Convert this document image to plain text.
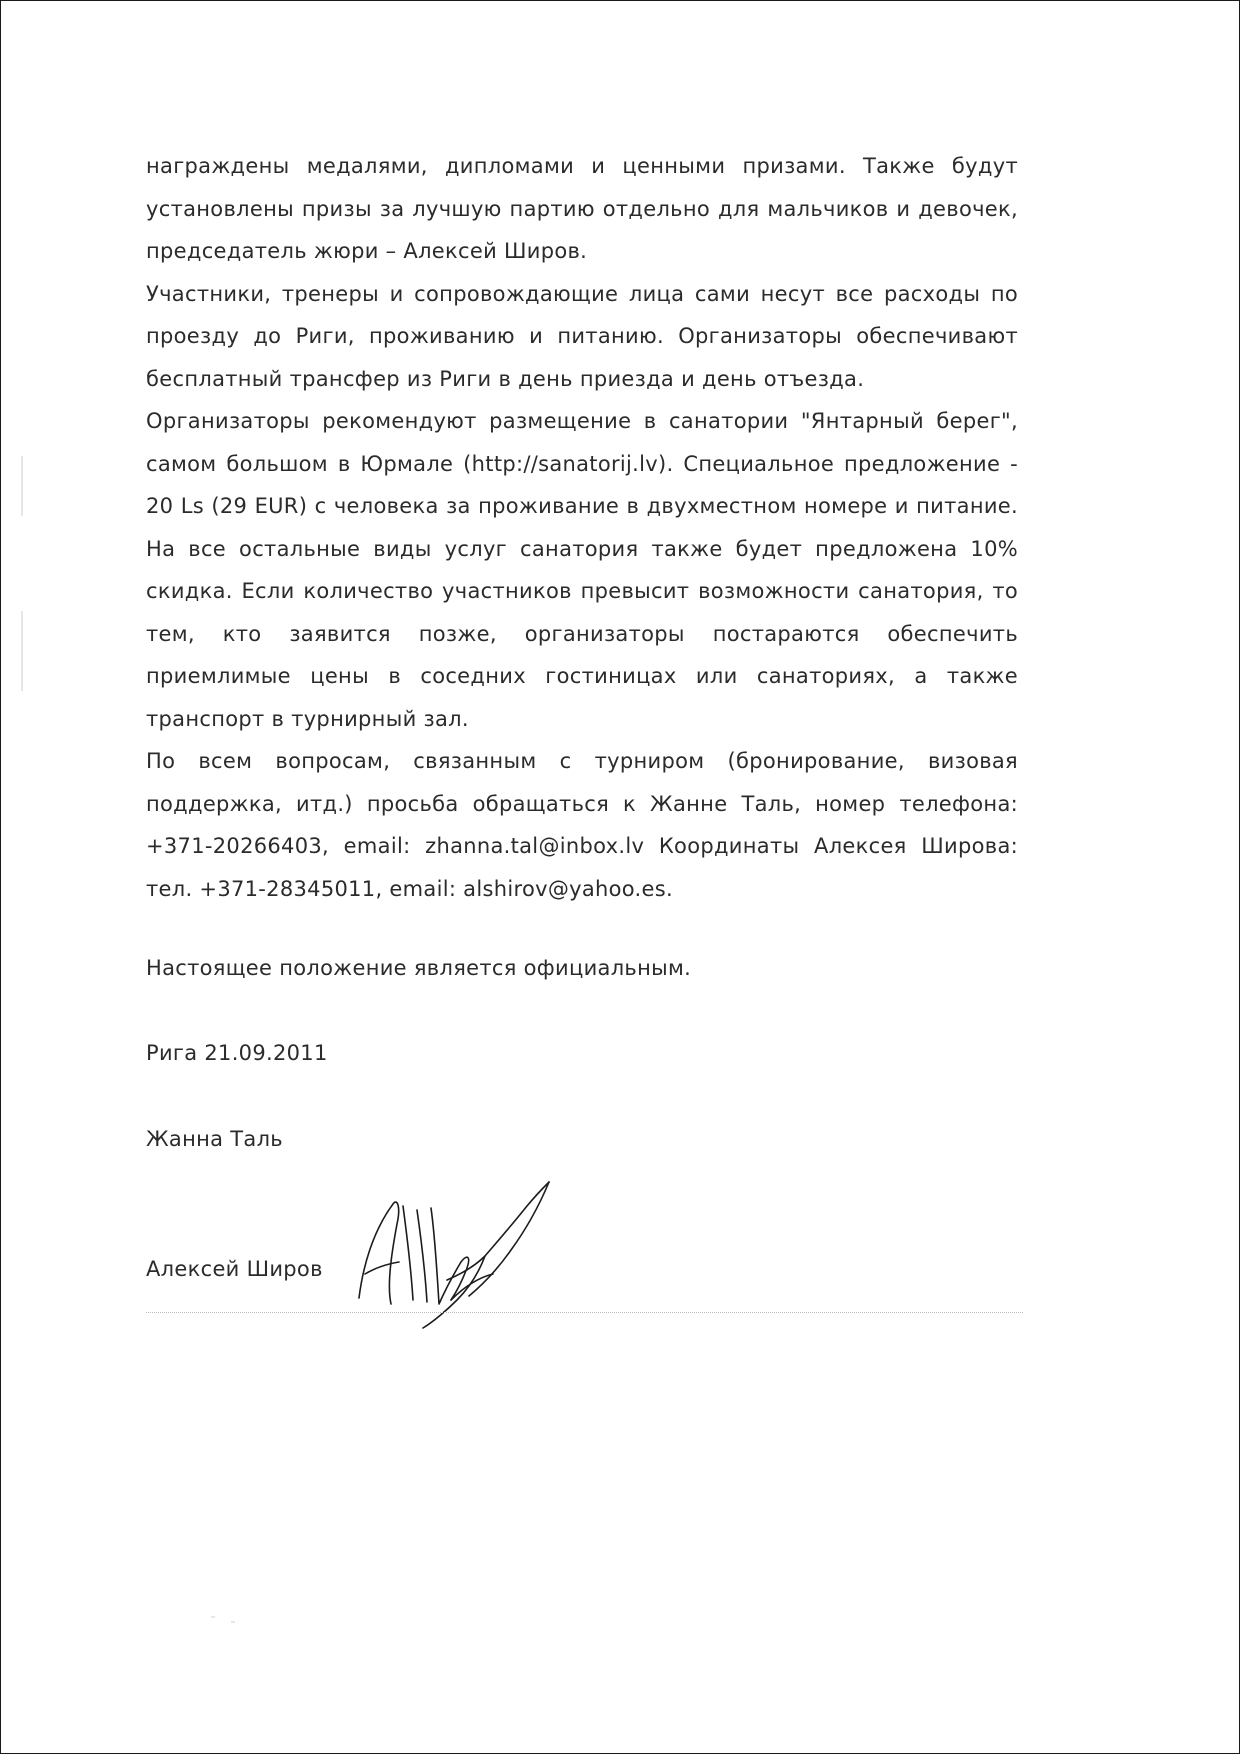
награждены медалями, дипломами и ценными призами. Также будут установлены призы за лучшую партию отдельно для мальчиков и девочек, председатель жюри – Алексей Широв.

Участники, тренеры и сопровождающие лица сами несут все расходы по проезду до Риги, проживанию и питанию. Организаторы обеспечивают бесплатный трансфер из Риги в день приезда и день отъезда.

Организаторы рекомендуют размещение в санатории "Янтарный берег", самом большом в Юрмале (http://sanatorij.lv). Специальное предложение - 20 Ls (29 EUR) с человека за проживание в двухместном номере и питание. На все остальные виды услуг санатория также будет предложена 10% скидка. Если количество участников превысит возможности санатория, то тем, кто заявится позже, организаторы постараются обеспечить приемлимые цены в соседних гостиницах или санаториях, а также транспорт в турнирный зал.

По всем вопросам, связанным с турниром (бронирование, визовая поддержка, итд.) просьба обращаться к Жанне Таль, номер телефона: +371-20266403, email: zhanna.tal@inbox.lv Координаты Алексея Широва: тел. +371-28345011, email: alshirov@yahoo.es.

Настоящее положение является официальным.
Рига 21.09.2011
Жанна Таль
Алексей Широв
